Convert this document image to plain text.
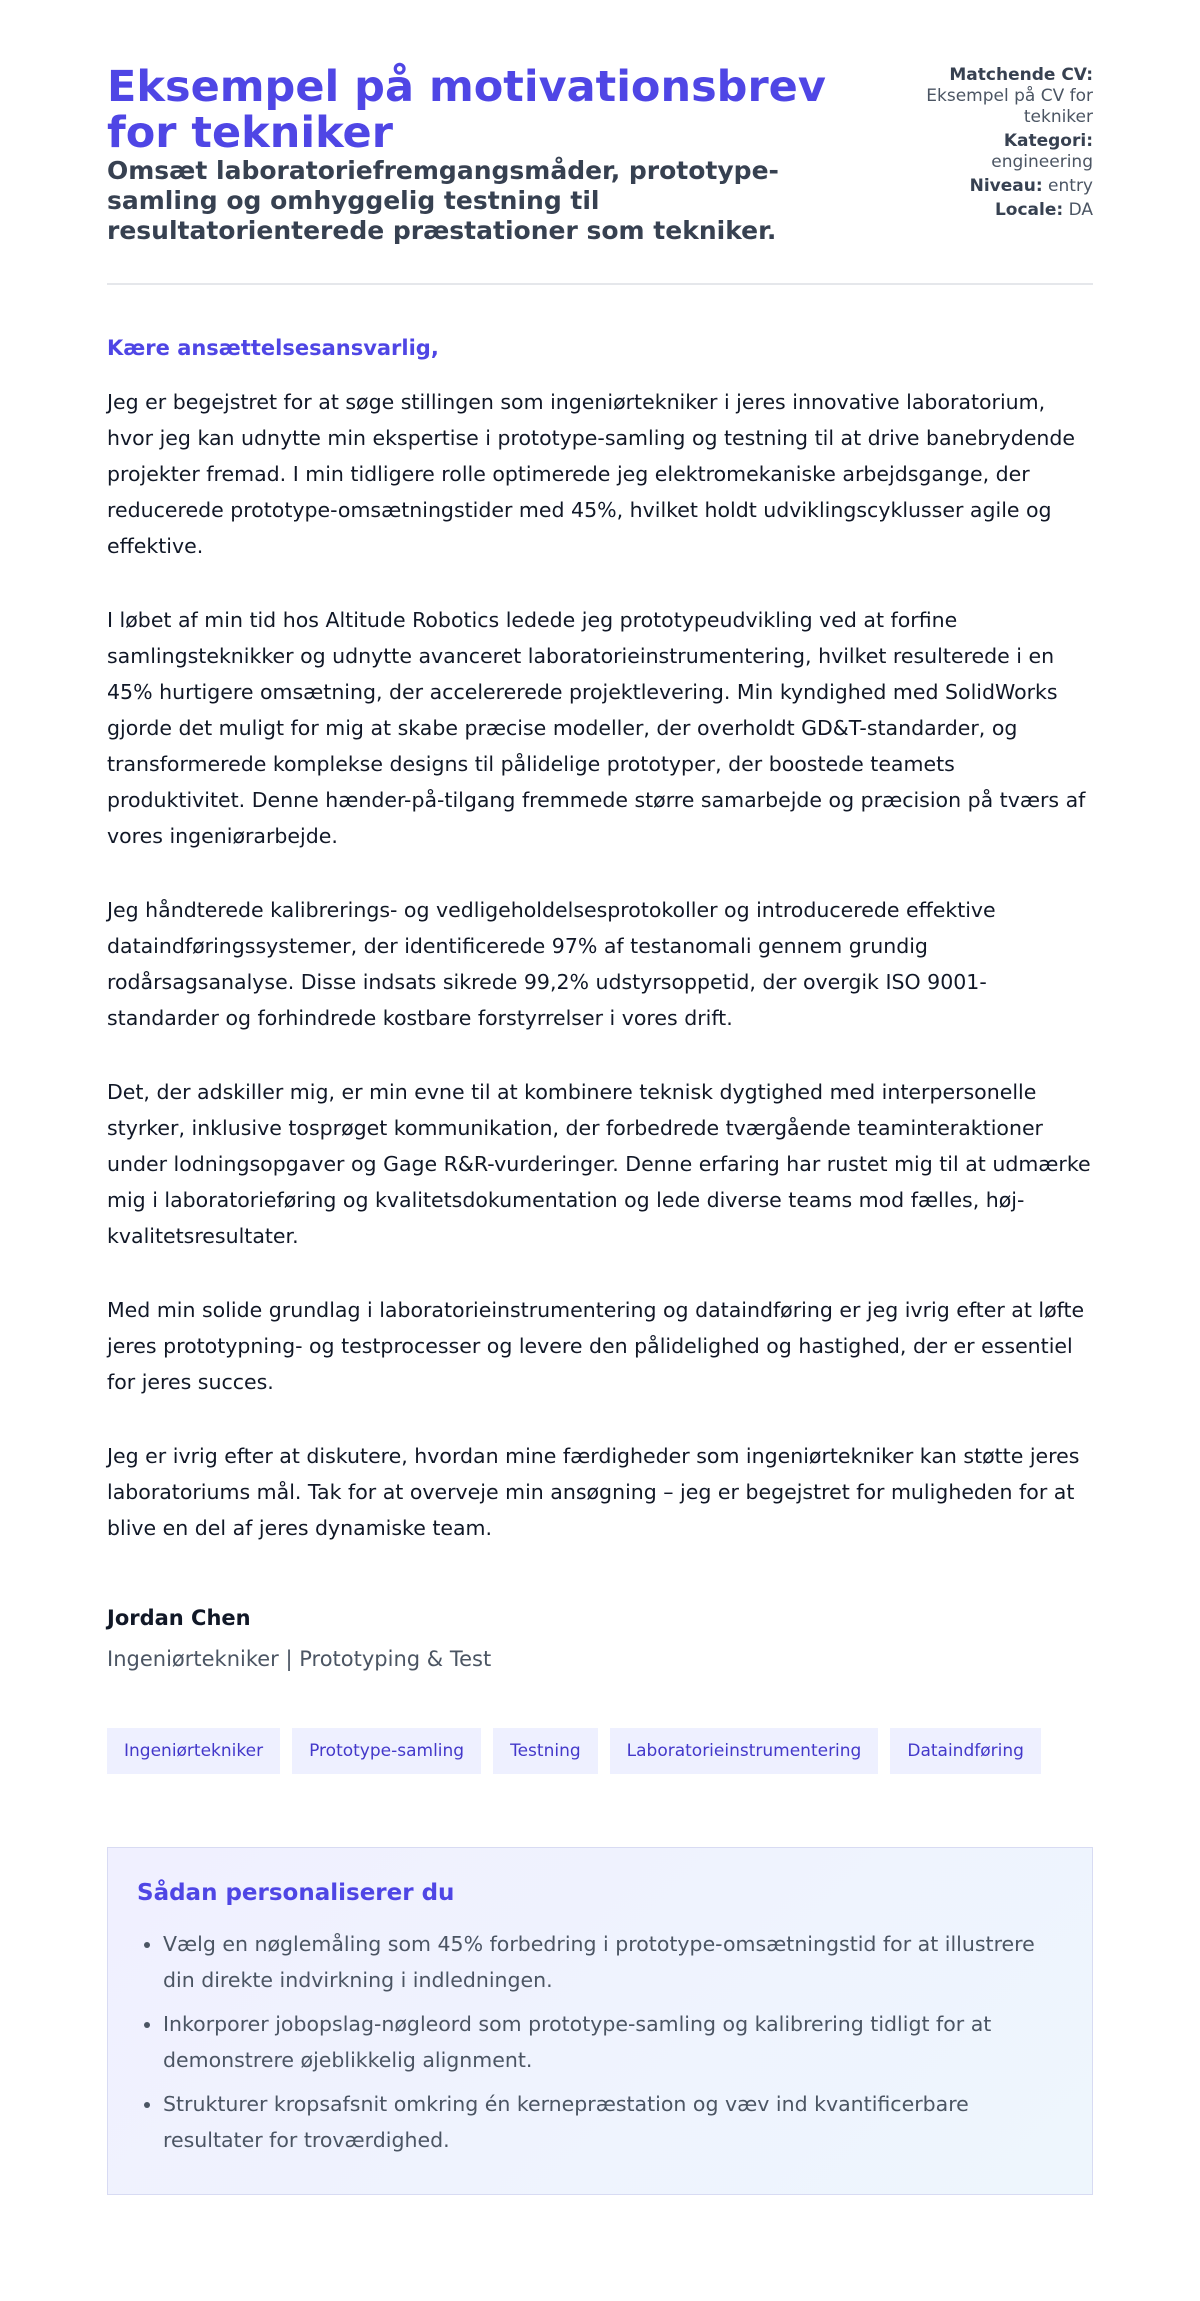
Eksempel på motivationsbrev for tekniker
Omsæt laboratoriefremgangsmåder, prototype-samling og omhyggelig testning til resultatorienterede præstationer som tekniker.
Matchende CV:
Eksempel på CV for tekniker
Kategori:
engineering
Niveau: entry
Locale: DA

Kære ansættelsesansvarlig,

Jeg er begejstret for at søge stillingen som ingeniørtekniker i jeres innovative laboratorium, hvor jeg kan udnytte min ekspertise i prototype-samling og testning til at drive banebrydende projekter fremad. I min tidligere rolle optimerede jeg elektromekaniske arbejdsgange, der reducerede prototype-omsætningstider med 45%, hvilket holdt udviklingscyklusser agile og effektive.

I løbet af min tid hos Altitude Robotics ledede jeg prototypeudvikling ved at forfine samlingsteknikker og udnytte avanceret laboratorieinstrumentering, hvilket resulterede i en 45% hurtigere omsætning, der accelererede projektlevering. Min kyndighed med SolidWorks gjorde det muligt for mig at skabe præcise modeller, der overholdt GD&T-standarder, og transformerede komplekse designs til pålidelige prototyper, der boostede teamets produktivitet. Denne hænder-på-tilgang fremmede større samarbejde og præcision på tværs af vores ingeniørarbejde.

Jeg håndterede kalibrerings- og vedligeholdelsesprotokoller og introducerede effektive dataindføringssystemer, der identificerede 97% af testanomali gennem grundig rodårsagsanalyse. Disse indsats sikrede 99,2% udstyrsoppetid, der overgik ISO 9001-standarder og forhindrede kostbare forstyrrelser i vores drift.

Det, der adskiller mig, er min evne til at kombinere teknisk dygtighed med interpersonelle styrker, inklusive tosprøget kommunikation, der forbedrede tværgående teaminteraktioner under lodningsopgaver og Gage R&R-vurderinger. Denne erfaring har rustet mig til at udmærke mig i laboratorieføring og kvalitetsdokumentation og lede diverse teams mod fælles, høj-kvalitetsresultater.

Med min solide grundlag i laboratorieinstrumentering og dataindføring er jeg ivrig efter at løfte jeres prototypning- og testprocesser og levere den pålidelighed og hastighed, der er essentiel for jeres succes.

Jeg er ivrig efter at diskutere, hvordan mine færdigheder som ingeniørtekniker kan støtte jeres laboratoriums mål. Tak for at overveje min ansøgning – jeg er begejstret for muligheden for at blive en del af jeres dynamiske team.

Jordan Chen

Ingeniørtekniker | Prototyping & Test

Ingeniørtekniker	Prototype-samling	Testning	Laboratorieinstrumentering	Dataindføring
Sådan personaliserer du
• Vælg en nøglemåling som 45% forbedring i prototype-omsætningstid for at illustrere din direkte indvirkning i indledningen.
• Inkorporer jobopslag-nøgleord som prototype-samling og kalibrering tidligt for at demonstrere øjeblikkelig alignment.
• Strukturer kropsafsnit omkring én kernepræstation og væv ind kvantificerbare resultater for troværdighed.
